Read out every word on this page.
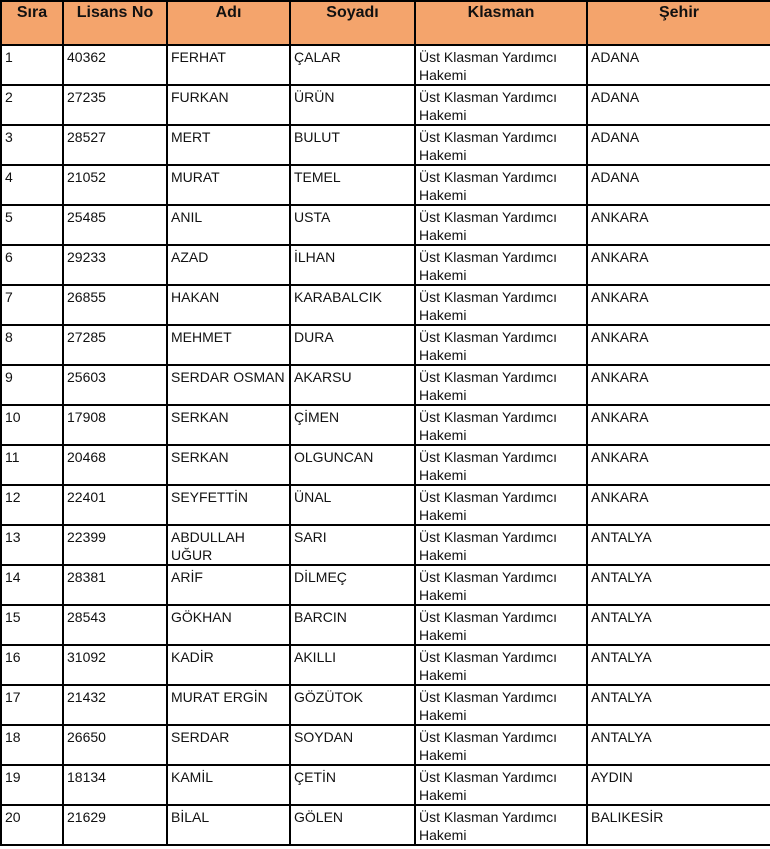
Sıra	Lisans No	Adı	Soyadı	Klasman	Şehir
1	40362	FERHAT	ÇALAR	Üst Klasman Yardımcı Hakemi	ADANA
2	27235	FURKAN	ÜRÜN	Üst Klasman Yardımcı Hakemi	ADANA
3	28527	MERT	BULUT	Üst Klasman Yardımcı Hakemi	ADANA
4	21052	MURAT	TEMEL	Üst Klasman Yardımcı Hakemi	ADANA
5	25485	ANIL	USTA	Üst Klasman Yardımcı Hakemi	ANKARA
6	29233	AZAD	İLHAN	Üst Klasman Yardımcı Hakemi	ANKARA
7	26855	HAKAN	KARABALCIK	Üst Klasman Yardımcı Hakemi	ANKARA
8	27285	MEHMET	DURA	Üst Klasman Yardımcı Hakemi	ANKARA
9	25603	SERDAR OSMAN	AKARSU	Üst Klasman Yardımcı Hakemi	ANKARA
10	17908	SERKAN	ÇİMEN	Üst Klasman Yardımcı Hakemi	ANKARA
11	20468	SERKAN	OLGUNCAN	Üst Klasman Yardımcı Hakemi	ANKARA
12	22401	SEYFETTİN	ÜNAL	Üst Klasman Yardımcı Hakemi	ANKARA
13	22399	ABDULLAH UĞUR	SARI	Üst Klasman Yardımcı Hakemi	ANTALYA
14	28381	ARİF	DİLMEÇ	Üst Klasman Yardımcı Hakemi	ANTALYA
15	28543	GÖKHAN	BARCIN	Üst Klasman Yardımcı Hakemi	ANTALYA
16	31092	KADİR	AKILLI	Üst Klasman Yardımcı Hakemi	ANTALYA
17	21432	MURAT ERGİN	GÖZÜTOK	Üst Klasman Yardımcı Hakemi	ANTALYA
18	26650	SERDAR	SOYDAN	Üst Klasman Yardımcı Hakemi	ANTALYA
19	18134	KAMİL	ÇETİN	Üst Klasman Yardımcı Hakemi	AYDIN
20	21629	BİLAL	GÖLEN	Üst Klasman Yardımcı Hakemi	BALIKESİR
